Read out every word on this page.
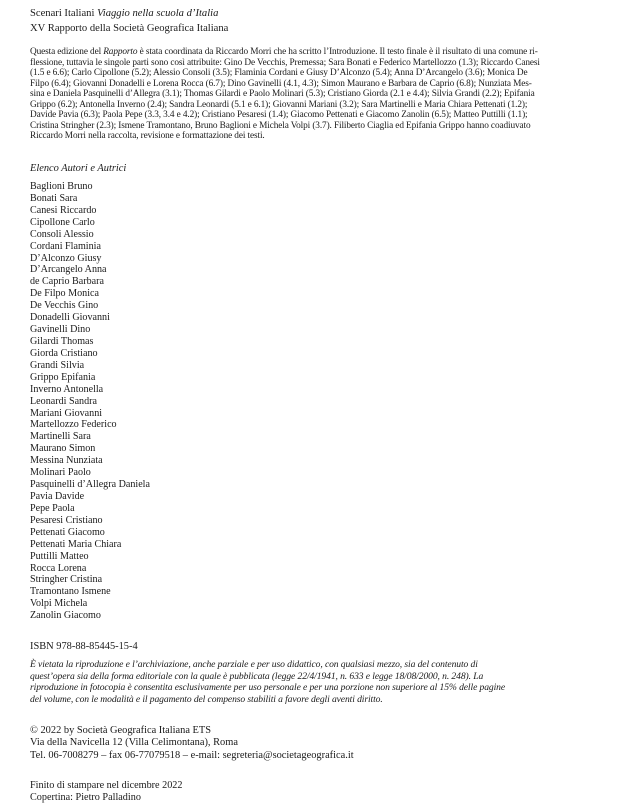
Scenari Italiani Viaggio nella scuola d’Italia
XV Rapporto della Società Geografica Italiana
Questa edizione del Rapporto è stata coordinata da Riccardo Morri che ha scritto l’Introduzione. Il testo finale è il risultato di una comune ri-
flessione, tuttavia le singole parti sono così attribuite: Gino De Vecchis, Premessa; Sara Bonati e Federico Martellozzo (1.3); Riccardo Canesi
(1.5 e 6.6); Carlo Cipollone (5.2); Alessio Consoli (3.5); Flaminia Cordani e Giusy D’Alconzo (5.4); Anna D’Arcangelo (3.6); Monica De
Filpo (6.4); Giovanni Donadelli e Lorena Rocca (6.7); Dino Gavinelli (4.1, 4.3); Simon Maurano e Barbara de Caprio (6.8); Nunziata Mes-
sina e Daniela Pasquinelli d’Allegra (3.1); Thomas Gilardi e Paolo Molinari (5.3); Cristiano Giorda (2.1 e 4.4); Silvia Grandi (2.2); Epifania
Grippo (6.2); Antonella Inverno (2.4); Sandra Leonardi (5.1 e 6.1); Giovanni Mariani (3.2); Sara Martinelli e Maria Chiara Pettenati (1.2);
Davide Pavia (6.3); Paola Pepe (3.3, 3.4 e 4.2); Cristiano Pesaresi (1.4); Giacomo Pettenati e Giacomo Zanolin (6.5); Matteo Puttilli (1.1);
Cristina Stringher (2.3); Ismene Tramontano, Bruno Baglioni e Michela Volpi (3.7). Filiberto Ciaglia ed Epifania Grippo hanno coadiuvato
Riccardo Morri nella raccolta, revisione e formattazione dei testi.
Elenco Autori e Autrici
Baglioni Bruno
Bonati Sara
Canesi Riccardo
Cipollone Carlo
Consoli Alessio
Cordani Flaminia
D’Alconzo Giusy
D’Arcangelo Anna
de Caprio Barbara
De Filpo Monica
De Vecchis Gino
Donadelli Giovanni
Gavinelli Dino
Gilardi Thomas
Giorda Cristiano
Grandi Silvia
Grippo Epifania
Inverno Antonella
Leonardi Sandra
Mariani Giovanni
Martellozzo Federico
Martinelli Sara
Maurano Simon
Messina Nunziata
Molinari Paolo
Pasquinelli d’Allegra Daniela
Pavia Davide
Pepe Paola
Pesaresi Cristiano
Pettenati Giacomo
Pettenati Maria Chiara
Puttilli Matteo
Rocca Lorena
Stringher Cristina
Tramontano Ismene
Volpi Michela
Zanolin Giacomo
ISBN 978-88-85445-15-4
È vietata la riproduzione e l’archiviazione, anche parziale e per uso didattico, con qualsiasi mezzo, sia del contenuto di
quest’opera sia della forma editoriale con la quale è pubblicata (legge 22/4/1941, n. 633 e legge 18/08/2000, n. 248). La
riproduzione in fotocopia è consentita esclusivamente per uso personale e per una porzione non superiore al 15% delle pagine
del volume, con le modalità e il pagamento del compenso stabiliti a favore degli aventi diritto.
© 2022 by Società Geografica Italiana ETS
Via della Navicella 12 (Villa Celimontana), Roma
Tel. 06-7008279 – fax 06-77079518 – e-mail: segreteria@societageografica.it
Finito di stampare nel dicembre 2022
Copertina: Pietro Palladino
